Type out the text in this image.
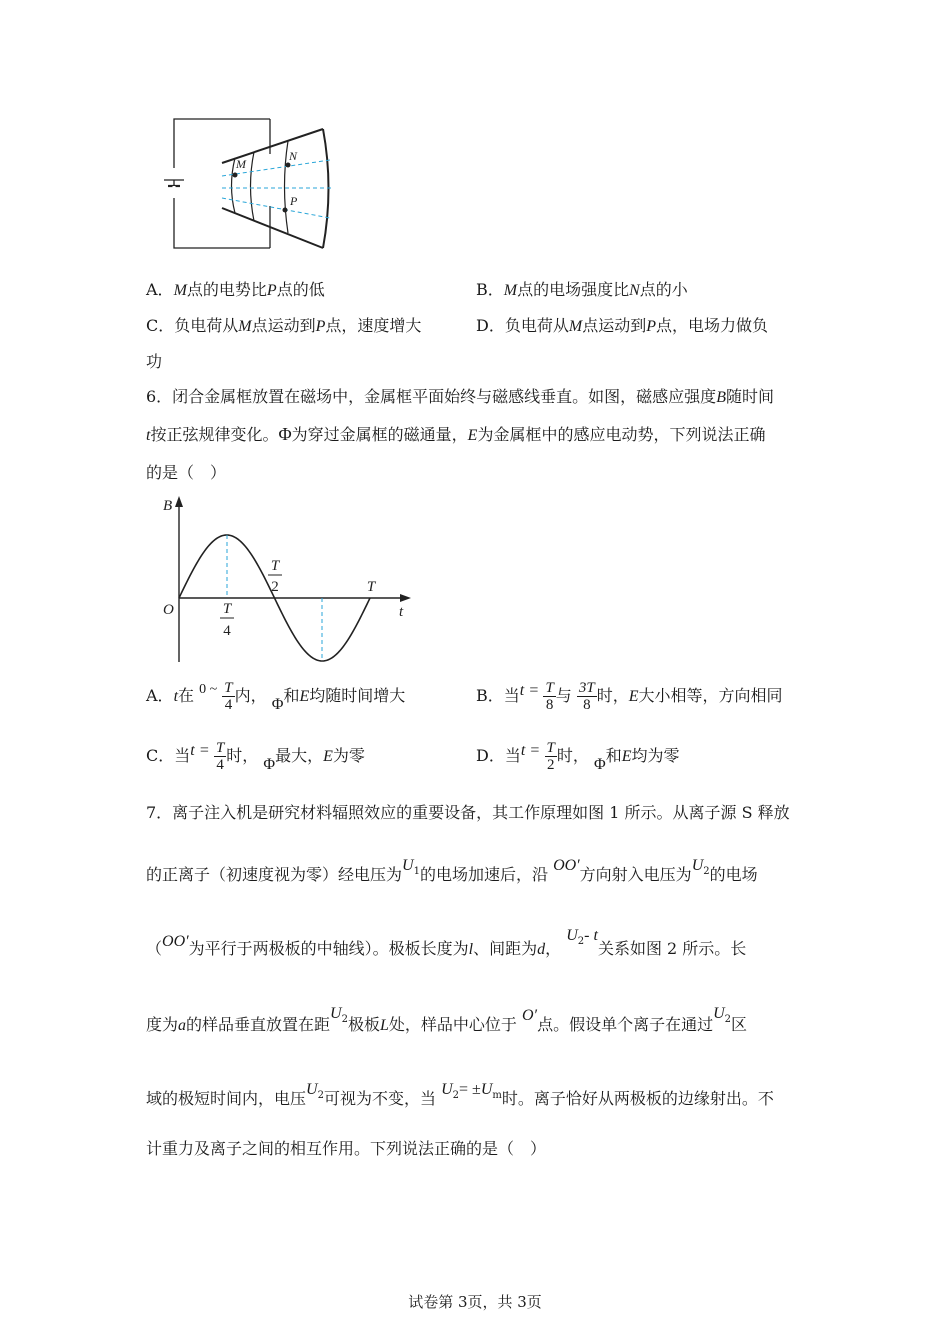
M
N
P
A．M点的电势比P点的低	B．M点的电场强度比N点的小
C．负电荷从M点运动到P点，速度增大	D．负电荷从M点运动到P点，电场力做负
功
6．闭合金属框放置在磁场中，金属框平面始终与磁感线垂直。如图，磁感应强度B随时间
t按正弦规律变化。Φ为穿过金属框的磁通量，E为金属框中的感应电动势，下列说法正确
的是（　）
B
t
O
T
2
T
4
T
A．t在 0 ~ $\frac{T}{4}$ 内， Φ和E均随时间增大	B．当$t = \frac{T}{8}$ 与 $\frac{3T}{8}$ 时，E大小相等，方向相同
C．当$t = \frac{T}{4}$ 时， Φ最大，E为零	D．当$t = \frac{T}{2}$ 时， Φ和E均为零
7．离子注入机是研究材料辐照效应的重要设备，其工作原理如图 1 所示。从离子源 S 释放
的正离子（初速度视为零）经电压为$U^1$的电场加速后，沿 OO′方向射入电压为$U^2$的电场
（OO′为平行于两极板的中轴线）。极板长度为l、间距为d， $U^2-$ t关系如图 2 所示。长
度为a的样品垂直放置在距$U^2$极板L处，样品中心位于 O′点。假设单个离子在通过$U^2$区
域的极短时间内，电压$U^2$可视为不变，当 $U^2= \pm U^m$时。离子恰好从两极板的边缘射出。不
计重力及离子之间的相互作用。下列说法正确的是（　）
试卷第 3页，共 3页
